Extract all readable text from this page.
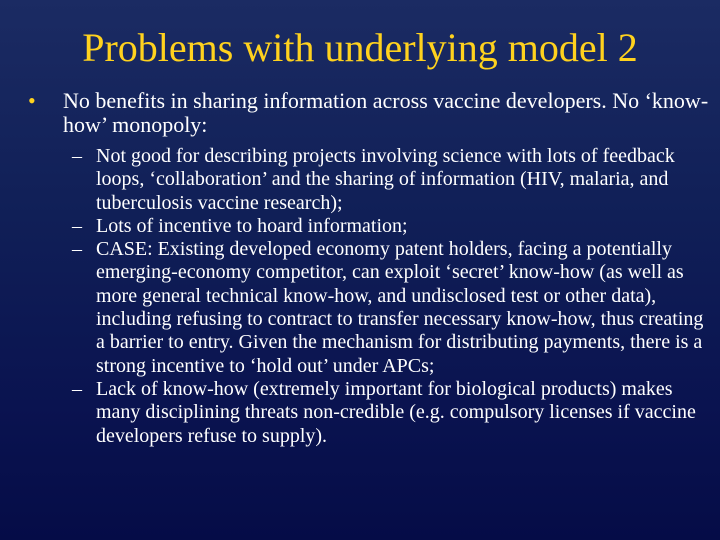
Problems with underlying model 2
• No benefits in sharing information across vaccine developers. No ‘know-how’ monopoly:
– Not good for describing projects involving science with lots of feedback loops, ‘collaboration’ and the sharing of information (HIV, malaria, and tuberculosis vaccine research);
– Lots of incentive to hoard information;
– CASE: Existing developed economy patent holders, facing a potentially emerging-economy competitor, can exploit ‘secret’ know-how (as well as more general technical know-how, and undisclosed test or other data), including refusing to contract to transfer necessary know-how, thus creating a barrier to entry. Given the mechanism for distributing payments, there is a strong incentive to ‘hold out’ under APCs;
– Lack of know-how (extremely important for biological products) makes many disciplining threats non-credible (e.g. compulsory licenses if vaccine developers refuse to supply).
